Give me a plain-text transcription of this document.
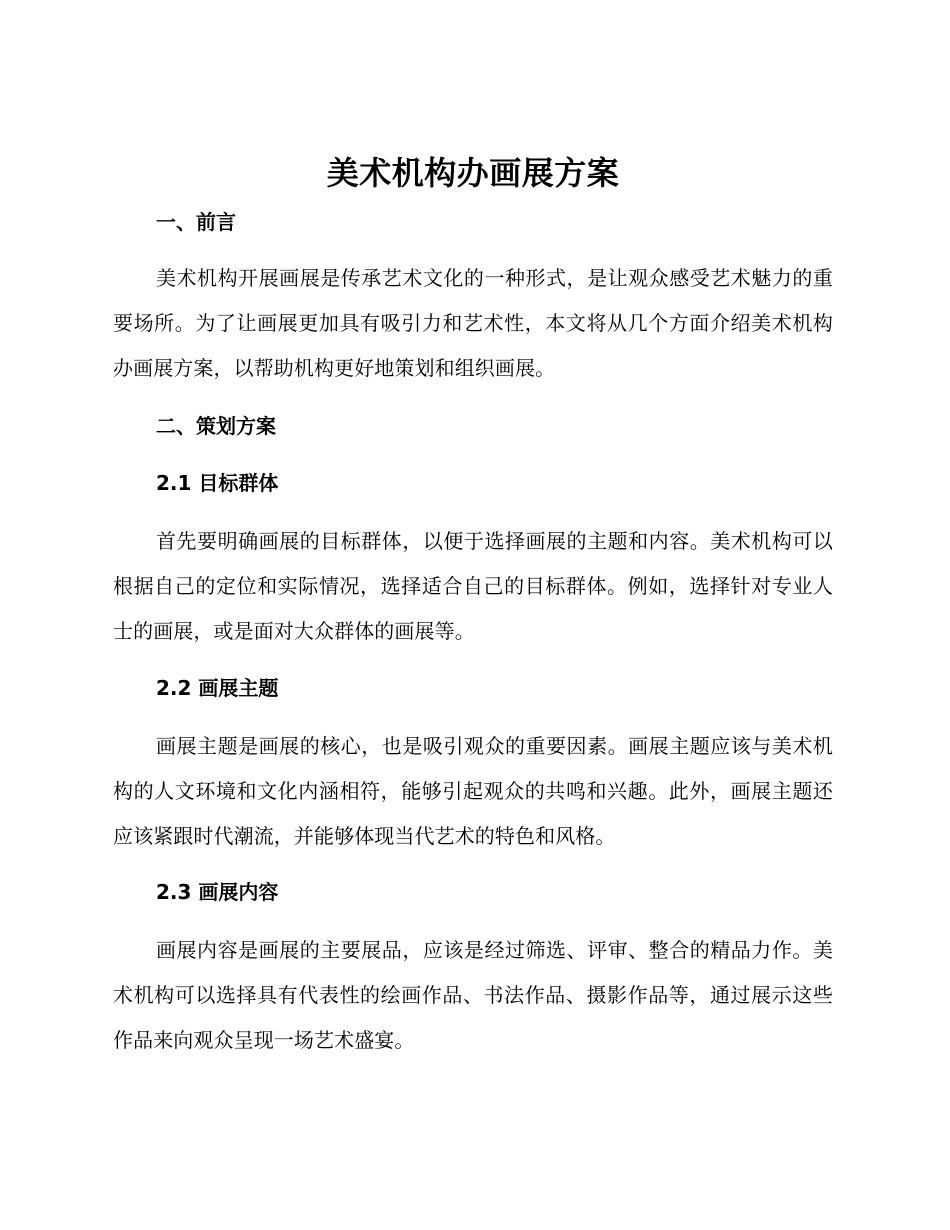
美术机构办画展方案
一、前言
美术机构开展画展是传承艺术文化的一种形式，是让观众感受艺术魅力的重要场所。为了让画展更加具有吸引力和艺术性，本文将从几个方面介绍美术机构办画展方案，以帮助机构更好地策划和组织画展。
二、策划方案
2.1 目标群体
首先要明确画展的目标群体，以便于选择画展的主题和内容。美术机构可以根据自己的定位和实际情况，选择适合自己的目标群体。例如，选择针对专业人士的画展，或是面对大众群体的画展等。
2.2 画展主题
画展主题是画展的核心，也是吸引观众的重要因素。画展主题应该与美术机构的人文环境和文化内涵相符，能够引起观众的共鸣和兴趣。此外，画展主题还应该紧跟时代潮流，并能够体现当代艺术的特色和风格。
2.3 画展内容
画展内容是画展的主要展品，应该是经过筛选、评审、整合的精品力作。美术机构可以选择具有代表性的绘画作品、书法作品、摄影作品等，通过展示这些作品来向观众呈现一场艺术盛宴。
